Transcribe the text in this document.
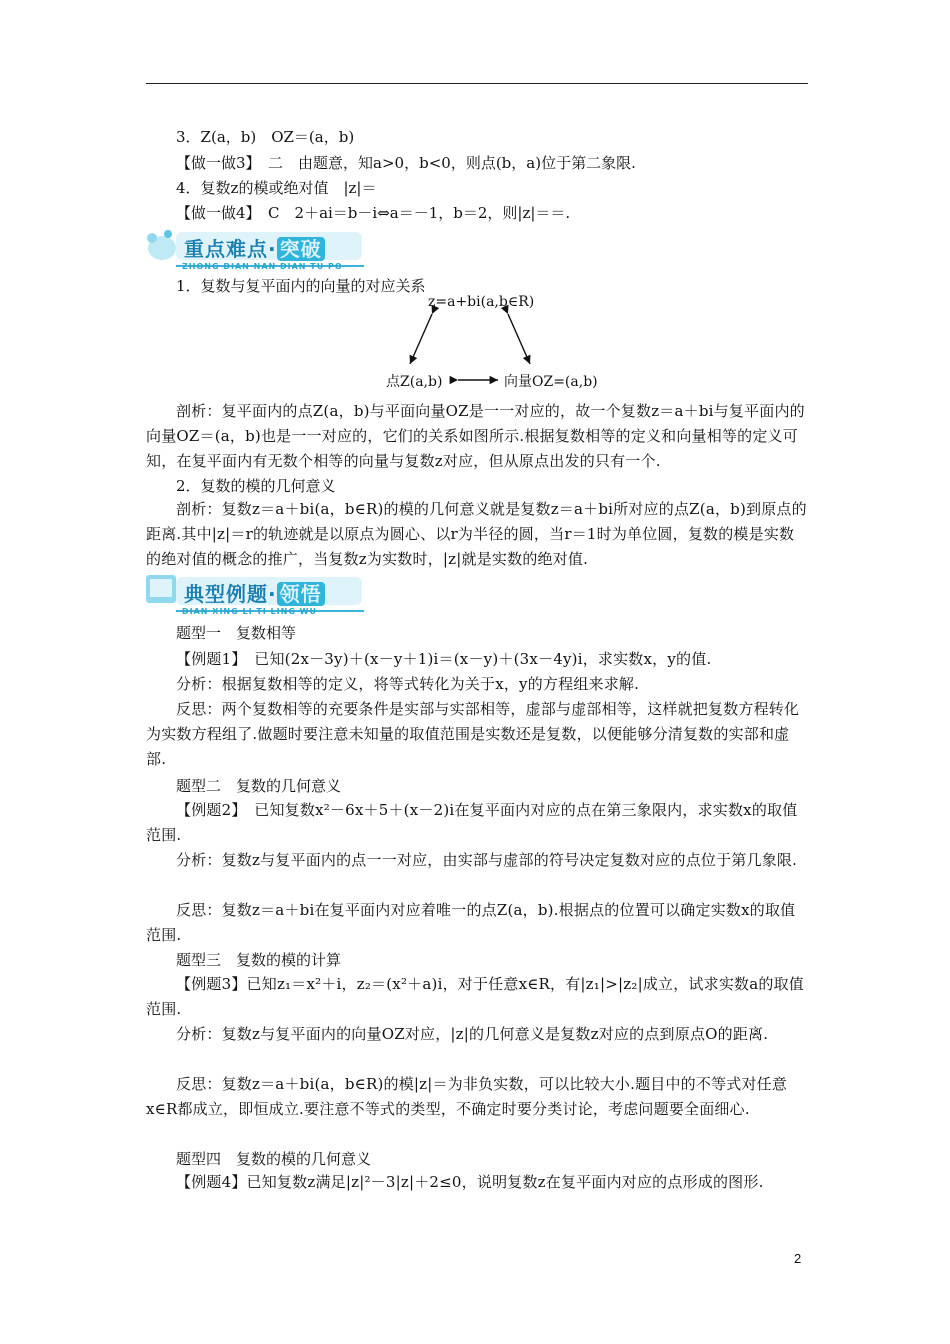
3．Z(a，b)　OZ＝(a，b)
【做一做3】　二　由题意，知a>0，b<0，则点(b，a)位于第二象限.
4．复数z的模或绝对值　|z|＝
【做一做4】　C　2＋ai＝b－i⇔a＝－1，b＝2，则|z|＝＝.
重点难点· 突破
ZHONG DIAN NAN DIAN TU PO
1．复数与复平面内的向量的对应关系
z=a+bi(a,b∈R)
点Z(a,b)	向量OZ=(a,b)
剖析：复平面内的点Z(a，b)与平面向量OZ是一一对应的，故一个复数z＝a＋bi与复平面内的向量OZ＝(a，b)也是一一对应的，它们的关系如图所示.根据复数相等的定义和向量相等的定义可知，在复平面内有无数个相等的向量与复数z对应，但从原点出发的只有一个.
2．复数的模的几何意义
剖析：复数z＝a＋bi(a，b∈R)的模的几何意义就是复数z＝a＋bi所对应的点Z(a，b)到原点的距离.其中|z|＝r的轨迹就是以原点为圆心、以r为半径的圆，当r＝1时为单位圆，复数的模是实数的绝对值的概念的推广，当复数z为实数时，|z|就是实数的绝对值.
典型例题· 领悟
DIAN XING LI TI LING WU
题型一　复数相等
【例题1】　已知(2x－3y)＋(x－y＋1)i＝(x－y)＋(3x－4y)i，求实数x，y的值.
分析：根据复数相等的定义，将等式转化为关于x，y的方程组来求解.
反思：两个复数相等的充要条件是实部与实部相等，虚部与虚部相等，这样就把复数方程转化为实数方程组了.做题时要注意未知量的取值范围是实数还是复数，以便能够分清复数的实部和虚部.
题型二　复数的几何意义
【例题2】　已知复数x²－6x＋5＋(x－2)i在复平面内对应的点在第三象限内，求实数x的取值范围.
分析：复数z与复平面内的点一一对应，由实部与虚部的符号决定复数对应的点位于第几象限.
反思：复数z＝a＋bi在复平面内对应着唯一的点Z(a，b).根据点的位置可以确定实数x的取值范围.
题型三　复数的模的计算
【例题3】已知z₁＝x²＋i，z₂＝(x²＋a)i，对于任意x∈R，有|z₁|>|z₂|成立，试求实数a的取值范围.
分析：复数z与复平面内的向量OZ对应，|z|的几何意义是复数z对应的点到原点O的距离.
反思：复数z＝a＋bi(a，b∈R)的模|z|＝为非负实数，可以比较大小.题目中的不等式对任意x∈R都成立，即恒成立.要注意不等式的类型，不确定时要分类讨论，考虑问题要全面细心.
题型四　复数的模的几何意义
【例题4】已知复数z满足|z|²－3|z|＋2≤0，说明复数z在复平面内对应的点形成的图形.
2
